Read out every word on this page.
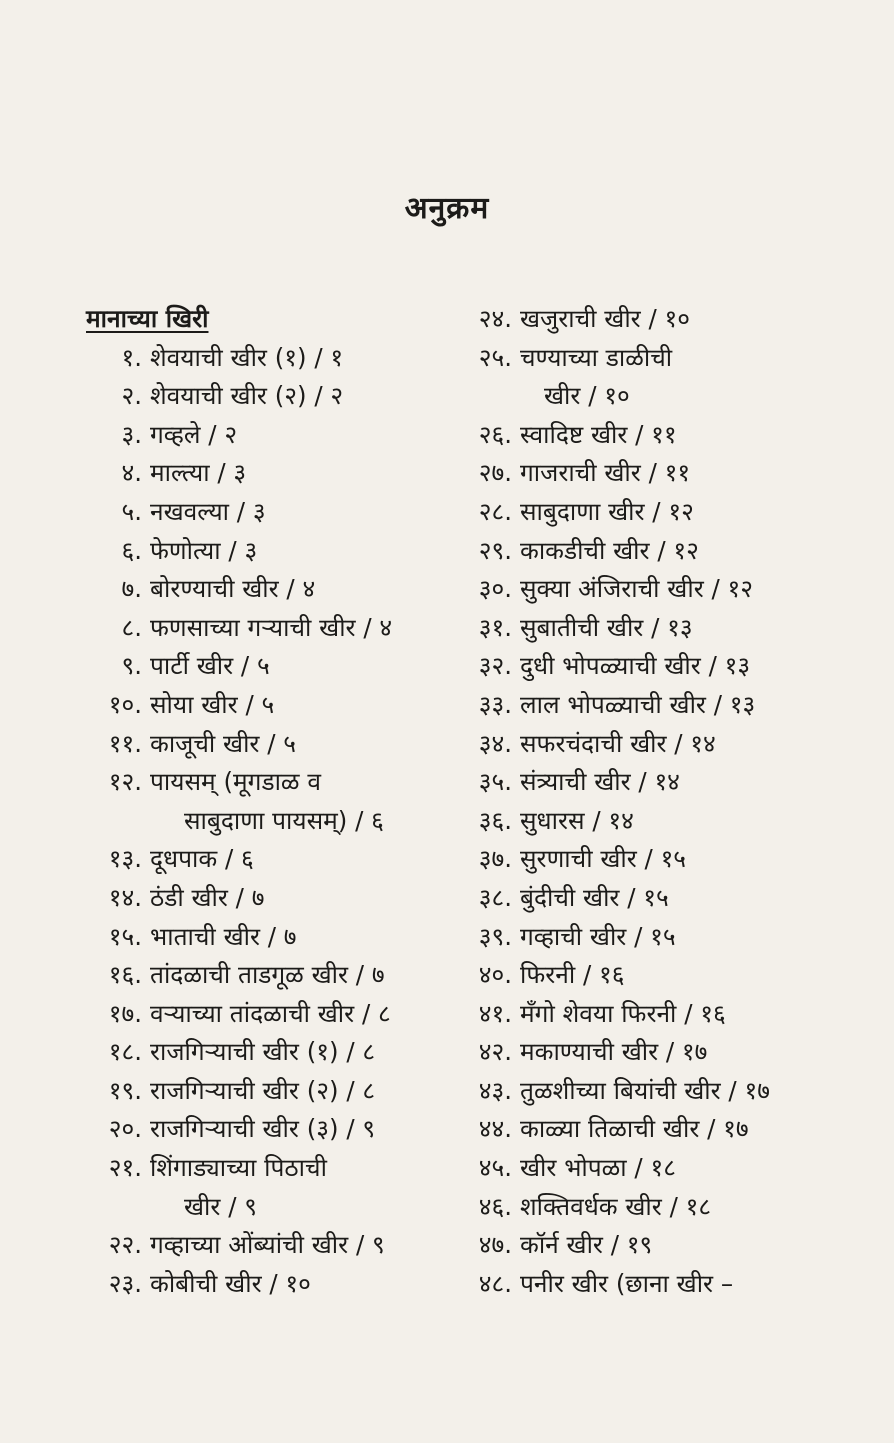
अनुक्रम
मानाच्या खिरी
१. शेवयाची खीर (१) / १
२. शेवयाची खीर (२) / २
३. गव्हले / २
४. माल्त्या / ३
५. नखवल्या / ३
६. फेणोत्या / ३
७. बोरण्याची खीर / ४
८. फणसाच्या गऱ्याची खीर / ४
९. पार्टी खीर / ५
१०. सोया खीर / ५
११. काजूची खीर / ५
१२. पायसम् (मूगडाळ व
साबुदाणा पायसम्) / ६
१३. दूधपाक / ६
१४. ठंडी खीर / ७
१५. भाताची खीर / ७
१६. तांदळाची ताडगूळ खीर / ७
१७. वऱ्याच्या तांदळाची खीर / ८
१८. राजगिऱ्याची खीर (१) / ८
१९. राजगिऱ्याची खीर (२) / ८
२०. राजगिऱ्याची खीर (३) / ९
२१. शिंगाड्याच्या पिठाची
खीर / ९
२२. गव्हाच्या ओंब्यांची खीर / ९
२३. कोबीची खीर / १०
२४. खजुराची खीर / १०
२५. चण्याच्या डाळीची
खीर / १०
२६. स्वादिष्ट खीर / ११
२७. गाजराची खीर / ११
२८. साबुदाणा खीर / १२
२९. काकडीची खीर / १२
३०. सुक्या अंजिराची खीर / १२
३१. सुबातीची खीर / १३
३२. दुधी भोपळ्याची खीर / १३
३३. लाल भोपळ्याची खीर / १३
३४. सफरचंदाची खीर / १४
३५. संत्र्याची खीर / १४
३६. सुधारस / १४
३७. सुरणाची खीर / १५
३८. बुंदीची खीर / १५
३९. गव्हाची खीर / १५
४०. फिरनी / १६
४१. मँगो शेवया फिरनी / १६
४२. मकाण्याची खीर / १७
४३. तुळशीच्या बियांची खीर / १७
४४. काळ्या तिळाची खीर / १७
४५. खीर भोपळा / १८
४६. शक्तिवर्धक खीर / १८
४७. कॉर्न खीर / १९
४८. पनीर खीर (छाना खीर –
